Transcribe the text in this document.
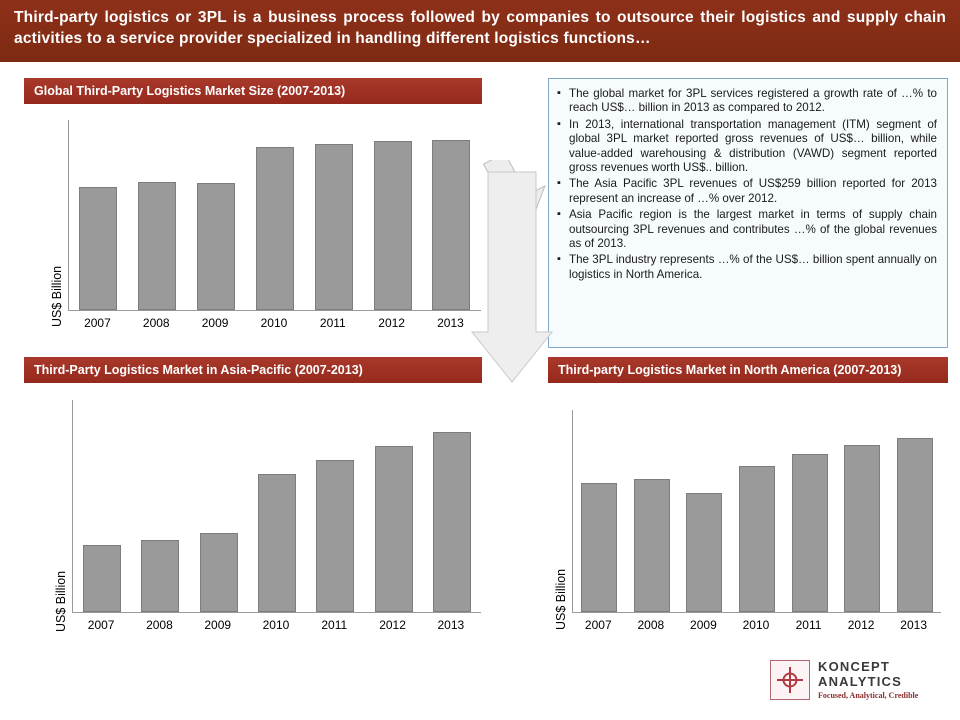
Third-party logistics or 3PL is a business process followed by companies to outsource their logistics and supply chain activities to a service provider specialized in handling different logistics functions…
Global Third-Party Logistics Market Size (2007-2013)
US$ Billion	2007	2008	2009	2010	2011	2012	2013
Third-Party Logistics Market in Asia-Pacific (2007-2013)
US$ Billion	2007	2008	2009	2010	2011	2012	2013
▪ The global market for 3PL services registered a growth rate of …% to reach US$… billion in 2013 as compared to 2012.
▪ In 2013, international transportation management (ITM) segment of global 3PL market reported gross revenues of US$… billion, while value-added warehousing & distribution (VAWD) segment reported gross revenues worth US$.. billion.
▪ The Asia Pacific 3PL revenues of US$259 billion reported for 2013 represent an increase of …% over 2012.
▪ Asia Pacific region is the largest market in terms of supply chain outsourcing 3PL revenues and contributes …% of the global revenues as of 2013.
▪ The 3PL industry represents …% of the US$… billion spent annually on logistics in North America.
Third-party Logistics Market in North America (2007-2013)
US$ Billion	2007	2008	2009	2010	2011	2012	2013
KONCEPT
ANALYTICS
Focused, Analytical, Credible
